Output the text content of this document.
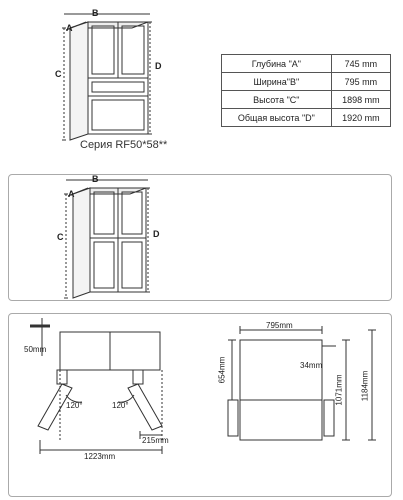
B
A
C
D
Серия RF50*58**
Глубина "A"	745 mm
Ширина"B"	795 mm
Высота "C"	1898 mm
Общая высота "D"	1920 mm
B
A
C	D
50mm
120°	120°
215mm
1223mm
795mm
34mm
654mm
1071mm 1184mm
